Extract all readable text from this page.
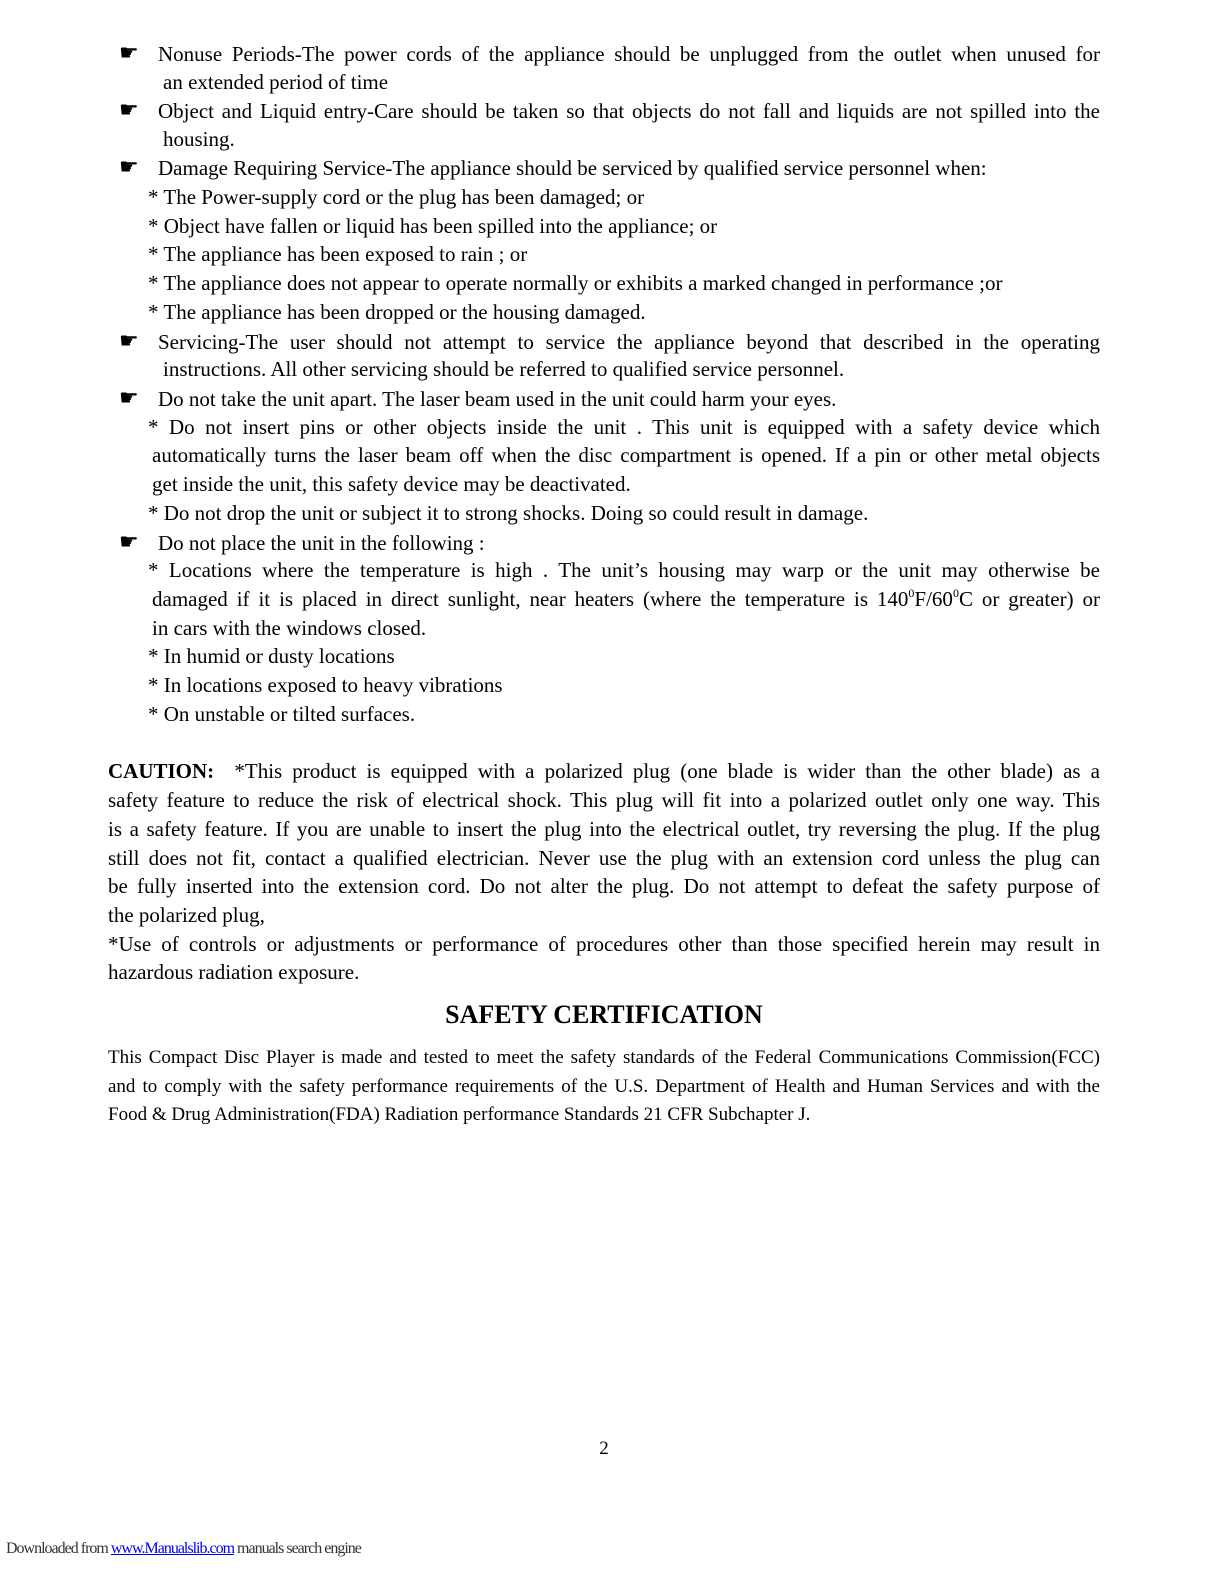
☛ Nonuse Periods-The power cords of the appliance should be unplugged from the outlet when unused for
an extended period of time
☛ Object and Liquid entry-Care should be taken so that objects do not fall and liquids are not spilled into the
housing.
☛ Damage Requiring Service-The appliance should be serviced by qualified service personnel when:
* The Power-supply cord or the plug has been damaged; or
* Object have fallen or liquid has been spilled into the appliance; or
* The appliance has been exposed to rain ; or
* The appliance does not appear to operate normally or exhibits a marked changed in performance ;or
* The appliance has been dropped or the housing damaged.
☛ Servicing-The user should not attempt to service the appliance beyond that described in the operating
instructions. All other servicing should be referred to qualified service personnel.
☛ Do not take the unit apart. The laser beam used in the unit could harm your eyes.
* Do not insert pins or other objects inside the unit . This unit is equipped with a safety device which
automatically turns the laser beam off when the disc compartment is opened. If a pin or other metal objects
get inside the unit, this safety device may be deactivated.
* Do not drop the unit or subject it to strong shocks. Doing so could result in damage.
☛ Do not place the unit in the following :
* Locations where the temperature is high . The unit’s housing may warp or the unit may otherwise be
damaged if it is placed in direct sunlight, near heaters (where the temperature is $140^0F/60^0C$ or greater) or
in cars with the windows closed.
* In humid or dusty locations
* In locations exposed to heavy vibrations
* On unstable or tilted surfaces.
CAUTION: *This product is equipped with a polarized plug (one blade is wider than the other blade) as a
safety feature to reduce the risk of electrical shock. This plug will fit into a polarized outlet only one way. This
is a safety feature. If you are unable to insert the plug into the electrical outlet, try reversing the plug. If the plug
still does not fit, contact a qualified electrician. Never use the plug with an extension cord unless the plug can
be fully inserted into the extension cord. Do not alter the plug. Do not attempt to defeat the safety purpose of
the polarized plug,
*Use of controls or adjustments or performance of procedures other than those specified herein may result in
hazardous radiation exposure.
SAFETY CERTIFICATION
This Compact Disc Player is made and tested to meet the safety standards of the Federal Communications Commission(FCC)
and to comply with the safety performance requirements of the U.S. Department of Health and Human Services and with the
Food & Drug Administration(FDA) Radiation performance Standards 21 CFR Subchapter J.
2
Downloaded from www.Manualslib.com manuals search engine
